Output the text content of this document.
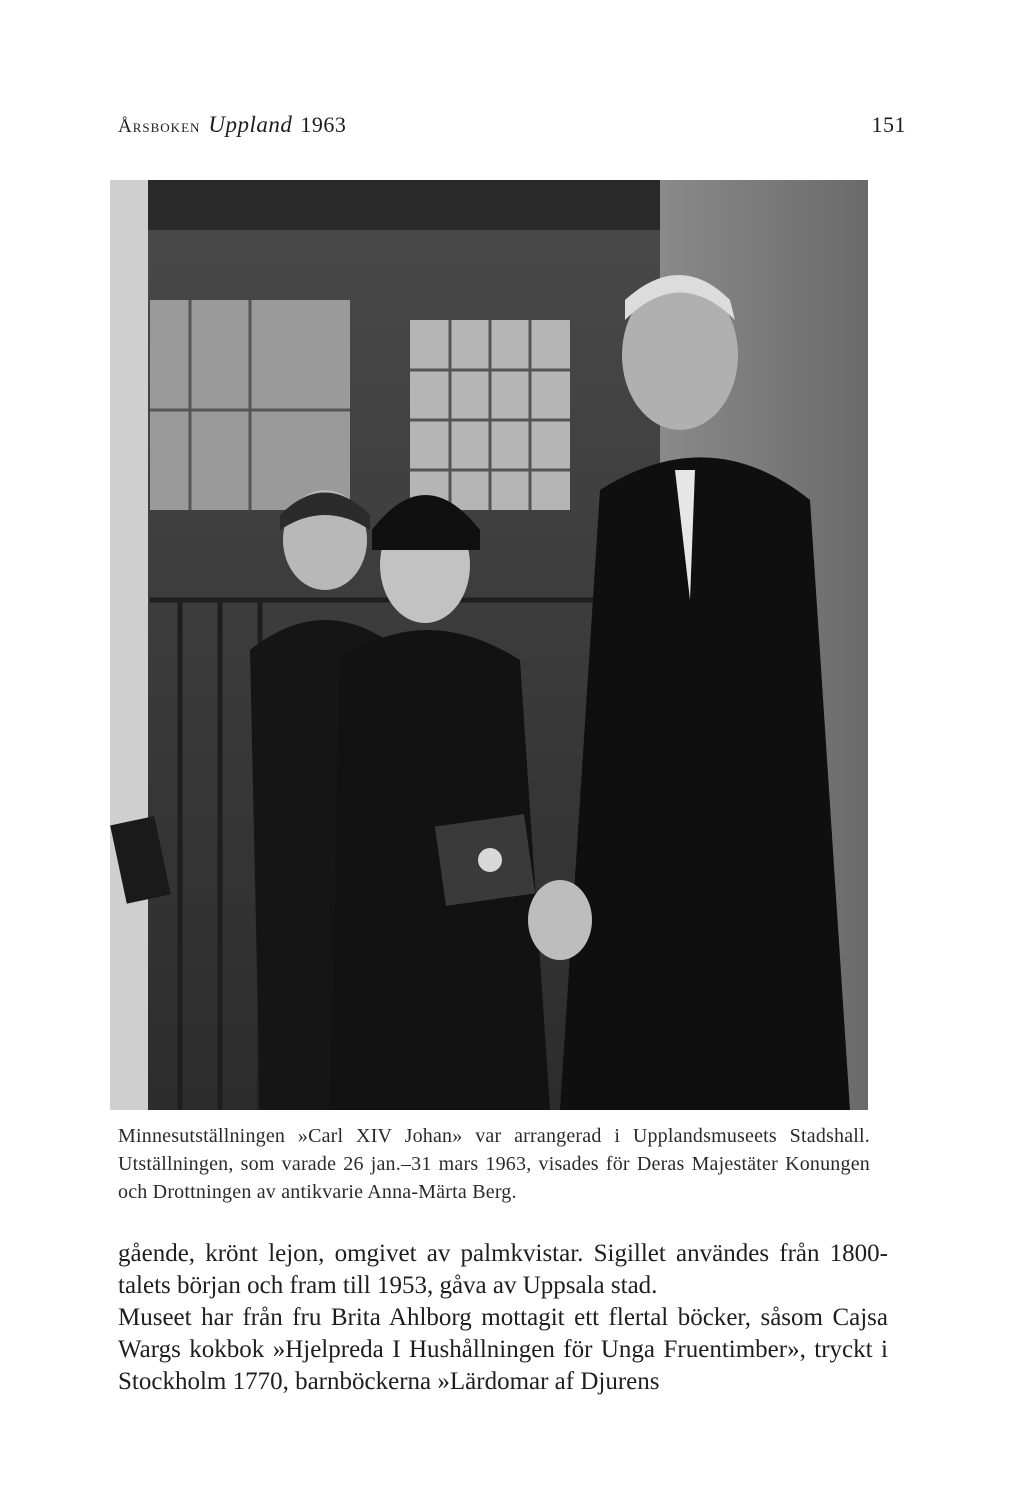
Årsboken Uppland 1963	151
Minnesutställningen »Carl XIV Johan» var arrangerad i Upplandsmuseets Stadshall. Utställningen, som varade 26 jan.–31 mars 1963, visades för Deras Majestäter Konungen och Drottningen av antikvarie Anna-Märta Berg.

gående, krönt lejon, omgivet av palmkvistar. Sigillet användes från 1800-talets början och fram till 1953, gåva av Uppsala stad.

Museet har från fru Brita Ahlborg mottagit ett flertal böcker, såsom Cajsa Wargs kokbok »Hjelpreda I Hushållningen för Unga Fruentimber», tryckt i Stockholm 1770, barnböckerna »Lärdomar af Djurens
